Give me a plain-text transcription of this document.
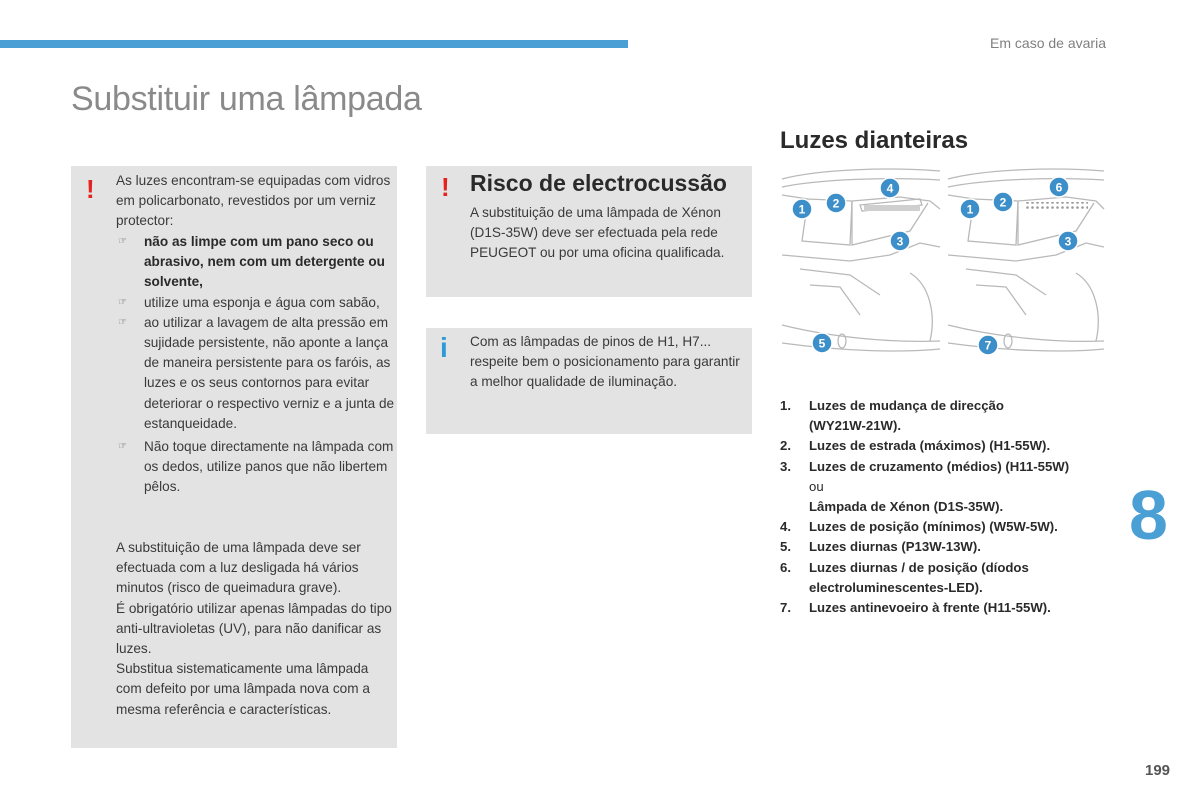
Em caso de avaria
Substituir uma lâmpada
! As luzes encontram-se equipadas com vidros em policarbonato, revestidos por um verniz protector:
☞ não as limpe com um pano seco ou abrasivo, nem com um detergente ou solvente,
☞ utilize uma esponja e água com sabão,
☞ ao utilizar a lavagem de alta pressão em sujidade persistente, não aponte a lança de maneira persistente para os faróis, as luzes e os seus contornos para evitar deteriorar o respectivo verniz e a junta de estanqueidade.
☞ Não toque directamente na lâmpada com os dedos, utilize panos que não libertem pêlos.
A substituição de uma lâmpada deve ser efectuada com a luz desligada há vários minutos (risco de queimadura grave).
É obrigatório utilizar apenas lâmpadas do tipo anti-ultravioletas (UV), para não danificar as luzes.
Substitua sistematicamente uma lâmpada com defeito por uma lâmpada nova com a mesma referência e características.
! Risco de electrocussão
A substituição de uma lâmpada de Xénon (D1S-35W) deve ser efectuada pela rede PEUGEOT ou por uma oficina qualificada.
i Com as lâmpadas de pinos de H1, H7... respeite bem o posicionamento para garantir a melhor qualidade de iluminação.
Luzes dianteiras
1 2
3
4
5
1 2
3
6
7
1. Luzes de mudança de direcção
(WY21W-21W).
2. Luzes de estrada (máximos) (H1-55W).
3. Luzes de cruzamento (médios) (H11-55W)
ou
Lâmpada de Xénon (D1S-35W).
4. Luzes de posição (mínimos) (W5W-5W).
5. Luzes diurnas (P13W-13W).
6. Luzes diurnas / de posição (díodos
electroluminescentes-LED).
7. Luzes antinevoeiro à frente (H11-55W).
8
199
